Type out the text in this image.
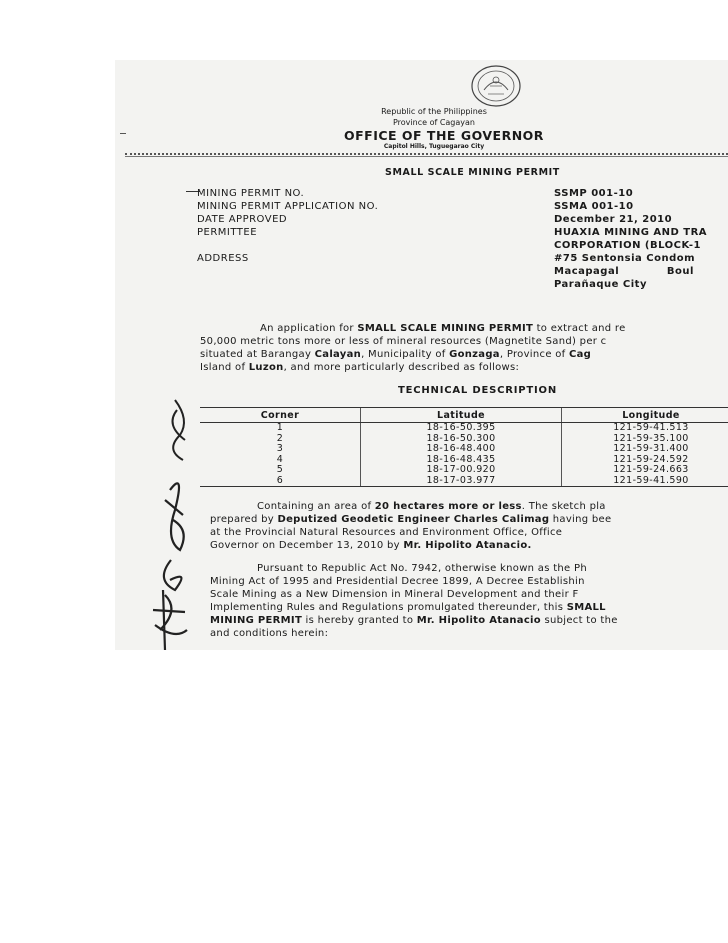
Republic of the Philippines
Province of Cagayan
OFFICE OF THE GOVERNOR
Capitol Hills, Tuguegarao City
SMALL SCALE MINING PERMIT
MINING PERMIT NO.	SSMP 001-10
MINING PERMIT APPLICATION NO.	SSMA 001-10
DATE APPROVED	December 21, 2010
PERMITTEE	HUAXIA MINING AND TRA
CORPORATION (BLOCK-1
ADDRESS	#75 Sentonsia Condom
Macapagal            Boul
Parañaque City
An application for SMALL SCALE MINING PERMIT to extract and re
50,000 metric tons more or less of mineral resources (Magnetite Sand) per c
situated at Barangay Calayan, Municipality of Gonzaga, Province of Cag
Island of Luzon, and more particularly described as follows:
TECHNICAL DESCRIPTION
Corner	Latitude	Longitude
1	18-16-50.395	121-59-41.513
2	18-16-50.300	121-59-35.100
3	18-16-48.400	121-59-31.400
4	18-16-48.435	121-59-24.592
5	18-17-00.920	121-59-24.663
6	18-17-03.977	121-59-41.590
Containing an area of 20 hectares more or less. The sketch pla
prepared by Deputized Geodetic Engineer Charles Calimag having bee
at the Provincial Natural Resources and Environment Office, Office
Governor on December 13, 2010 by Mr. Hipolito Atanacio.
Pursuant to Republic Act No. 7942, otherwise known as the Ph
Mining Act of 1995 and Presidential Decree 1899, A Decree Establishin
Scale Mining as a New Dimension in Mineral Development and their F
Implementing Rules and Regulations promulgated thereunder, this SMALL
MINING PERMIT is hereby granted to Mr. Hipolito Atanacio subject to the
and conditions herein:
